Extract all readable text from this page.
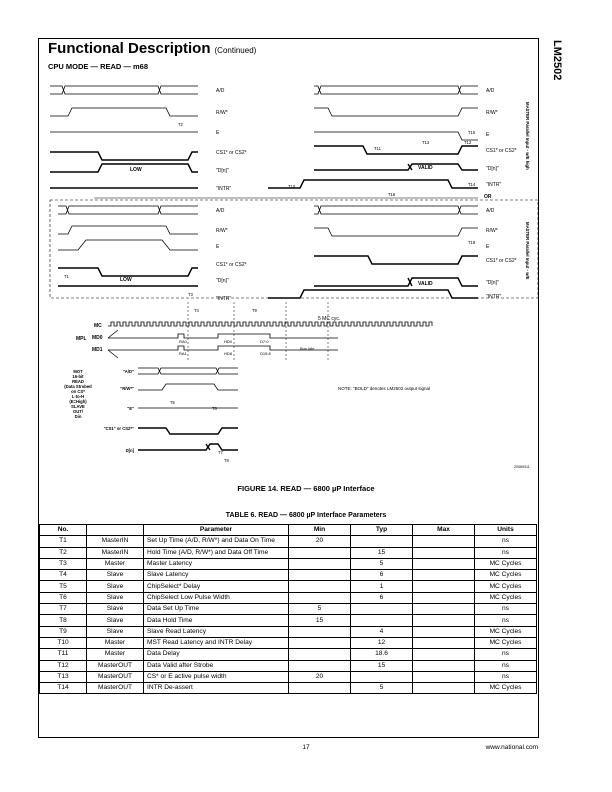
LM2502
Functional Description (Continued)
CPU MODE — READ — m68
A/D
R/W*
E
CS1* or CS2*
"D[n]"
"INTR"
A/D
R/W*
E
CS1* or CS2*
"D[n]"
"INTR"
A/D
R/W*
E
CS1* or CS2*
"D[n]"
"INTR"
A/D
R/W*
E
CS1* or CS2*
"D[n]"
"INTR"
LOW
LOW
VALID
VALID
OR
5 MC cyc.
MPL
MC
MD0
MD1
RA0
RA1
D7:0
D15:8
HD0
HD8
Bus Idle
MOT
16-bit
READ
(Data Strobed
on CS*
L-to-H
(E=High)
SLAVE
OUT/
Din
"A/D"
"R/W*"
"E"
"CS1" or CS2*"
D[n]
NOTE: "BOLD" denotes LM2502 output signal
20069311
T1
T2
T3
T4
T5
T6
T7
T8
T9
T10
T11
T12
T13
T14
T15
T16
T19
MASTER Parallel Input - w/E high
MASTER Parallel Input - w/E
FIGURE 14. READ — 6800 µP Interface
TABLE 6. READ — 6800 µP Interface Parameters
No.		Parameter	Min	Typ	Max	Units
T1	MasterIN	Set Up Time (A/D, R/W*) and Data On Time	20			ns
T2	MasterIN	Hold Time (A/D, R/W*) and Data Off Time		15		ns
T3	Master	Master Latency		5		MC Cycles
T4	Slave	Slave Latency		6		MC Cycles
T5	Slave	ChipSelect* Delay		1		MC Cycles
T6	Slave	ChipSelect Low Pulse Width		6		MC Cycles
T7	Slave	Data Set Up Time	5			ns
T8	Slave	Data Hold Time	15			ns
T9	Slave	Slave Read Latency		4		MC Cycles
T10	Master	MST Read Latency and INTR Delay		12		MC Cycles
T11	Master	Data Delay		18.6		ns
T12	MasterOUT	Data Valid after Strobe		15		ns
T13	MasterOUT	CS* or E active pulse width	20			ns
T14	MasterOUT	INTR De-assert		5		MC Cycles
17	www.national.com
